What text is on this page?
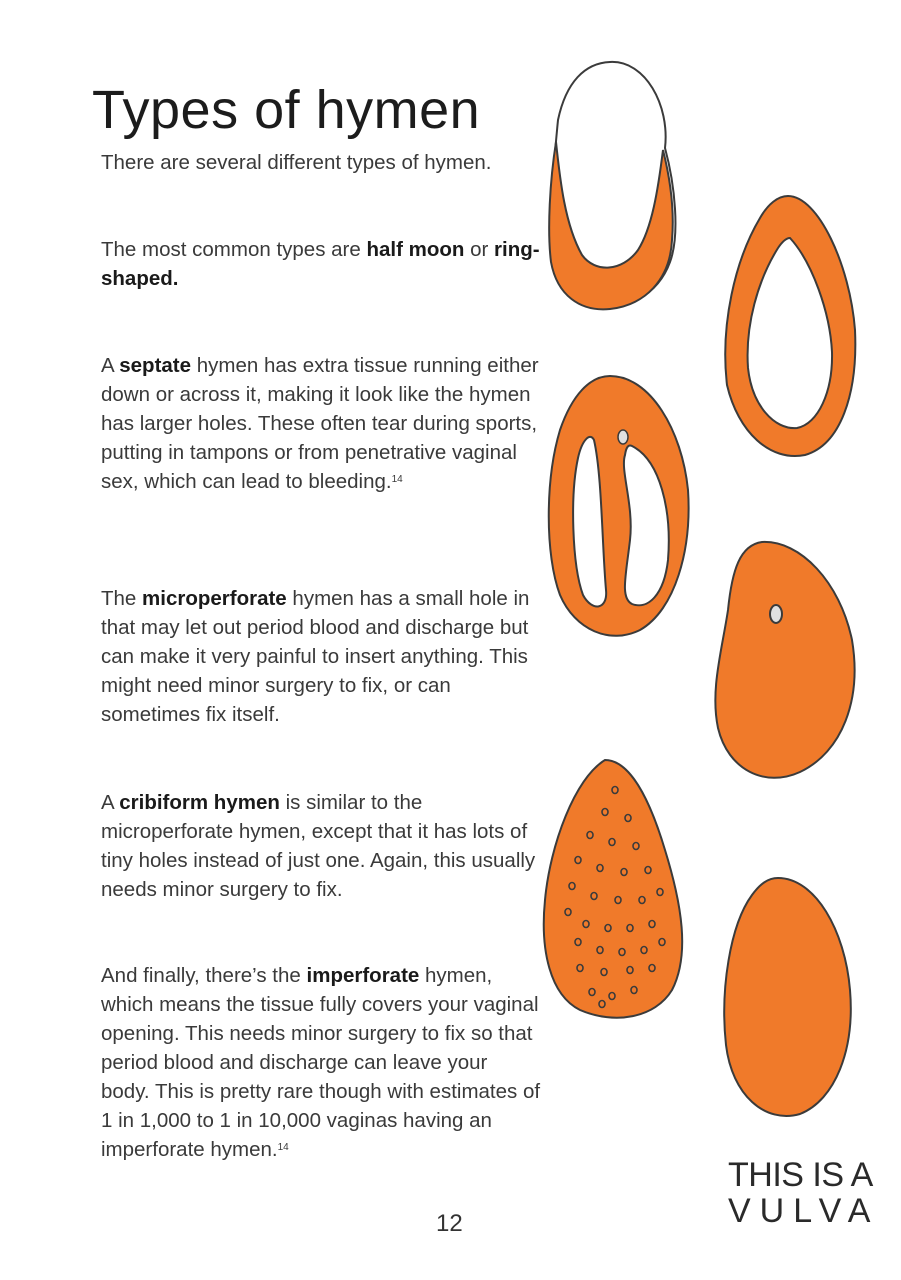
Types of hymen

There are several different types of hymen.

The most common types are half moon or ring-shaped.

A septate hymen has extra tissue running either down or across it, making it look like the hymen has larger holes. These often tear during sports, putting in tampons or from penetrative vaginal sex, which can lead to bleeding.$^{14}$

The microperforate hymen has a small hole in that may let out period blood and discharge but can make it very painful to insert anything. This might need minor surgery to fix, or can sometimes fix itself.

A cribiform hymen is similar to the microperforate hymen, except that it has lots of tiny holes instead of just one. Again, this usually needs minor surgery to fix.

And finally, there’s the imperforate hymen, which means the tissue fully covers your vaginal opening. This needs minor surgery to fix so that period blood and discharge can leave your body. This is pretty rare though with estimates of 1 in 1,000 to 1 in 10,000 vaginas having an imperforate hymen.$^{14}$

12
THIS IS A
VULVA
